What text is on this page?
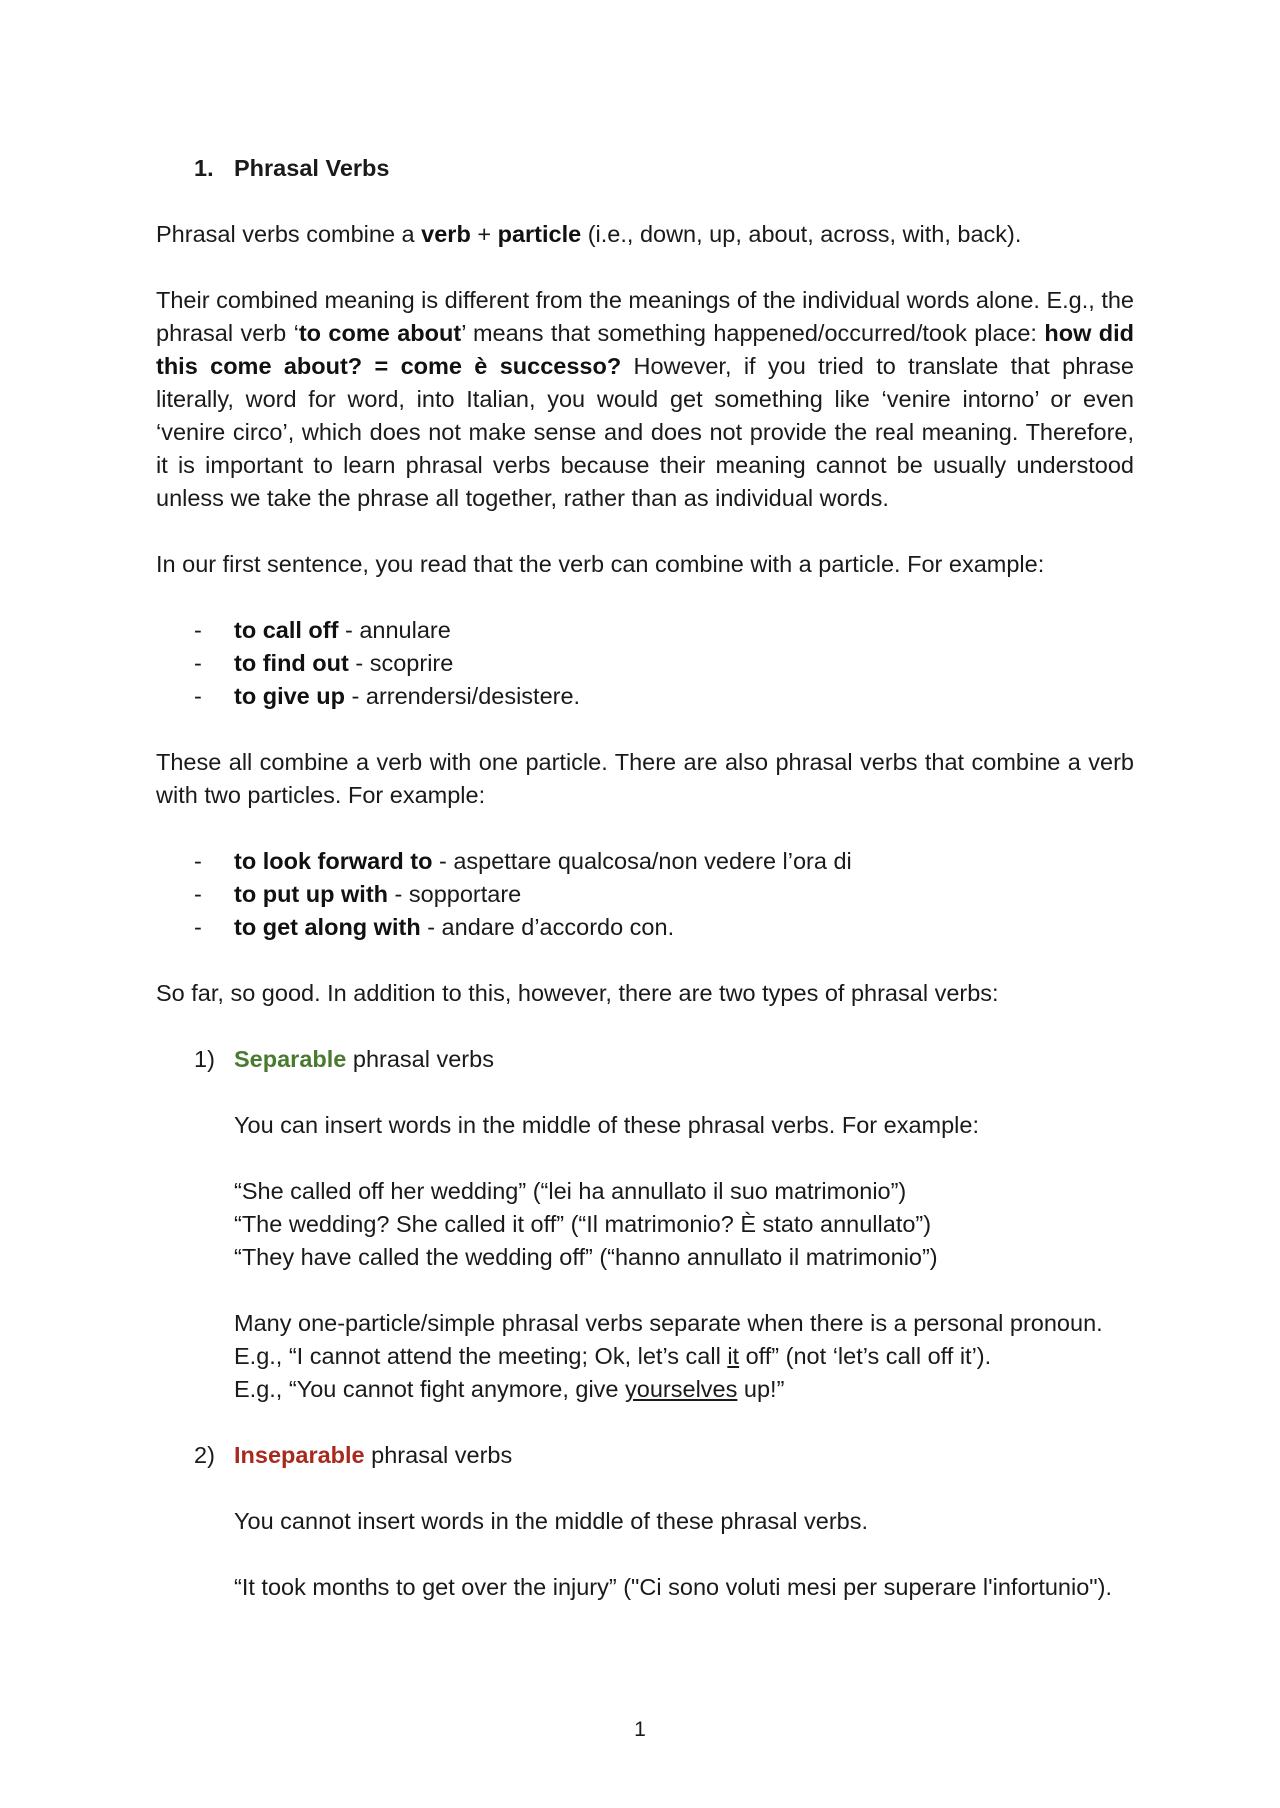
1. Phrasal Verbs

Phrasal verbs combine a verb + particle (i.e., down, up, about, across, with, back).

Their combined meaning is different from the meanings of the individual words alone. E.g., the phrasal verb ‘to come about’ means that something happened/occurred/took place: how did this come about? = come è successo? However, if you tried to translate that phrase literally, word for word, into Italian, you would get something like ‘venire intorno’ or even ‘venire circo’, which does not make sense and does not provide the real meaning. Therefore, it is important to learn phrasal verbs because their meaning cannot be usually understood unless we take the phrase all together, rather than as individual words.

In our first sentence, you read that the verb can combine with a particle. For example:

-	to call off - annulare
-	to find out - scoprire
-	to give up - arrendersi/desistere.

These all combine a verb with one particle. There are also phrasal verbs that combine a verb with two particles. For example:

-	to look forward to - aspettare qualcosa/non vedere l’ora di
-	to put up with - sopportare
-	to get along with - andare d’accordo con.

So far, so good. In addition to this, however, there are two types of phrasal verbs:

1) Separable phrasal verbs

You can insert words in the middle of these phrasal verbs. For example:

“She called off her wedding” (“lei ha annullato il suo matrimonio”)

“The wedding? She called it off” (“Il matrimonio? È stato annullato”)

“They have called the wedding off” (“hanno annullato il matrimonio”)

Many one-particle/simple phrasal verbs separate when there is a personal pronoun.

E.g., “I cannot attend the meeting; Ok, let’s call it off” (not ‘let’s call off it’).

E.g., “You cannot fight anymore, give yourselves up!”

2) Inseparable phrasal verbs

You cannot insert words in the middle of these phrasal verbs.

“It took months to get over the injury” ("Ci sono voluti mesi per superare l'infortunio").

1
